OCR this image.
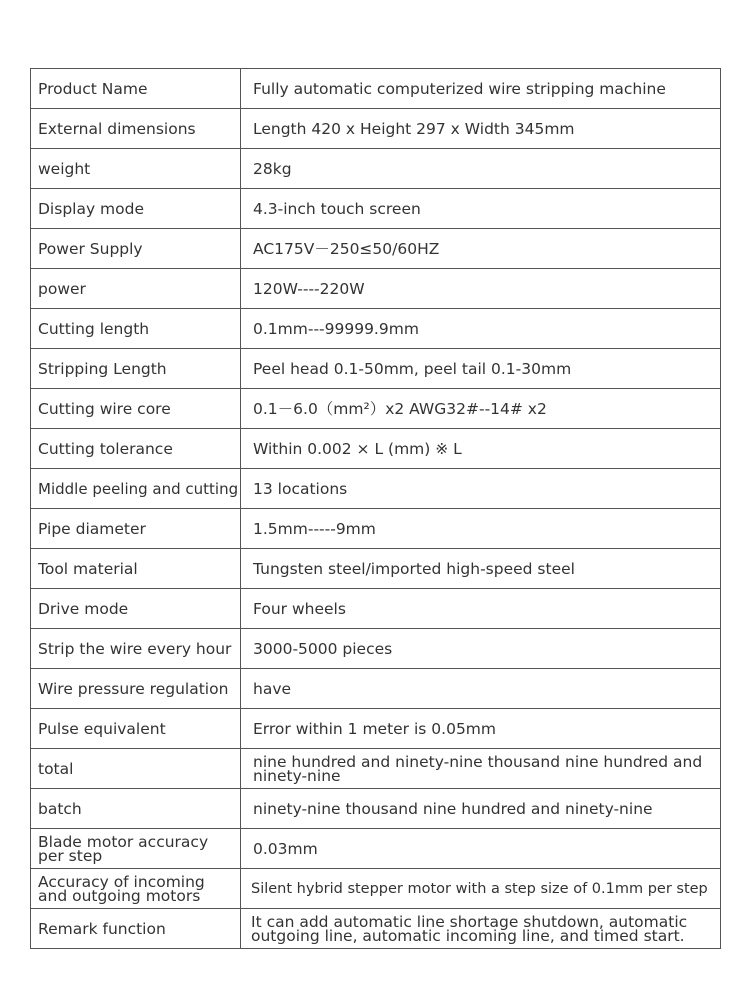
Product Name	Fully automatic computerized wire stripping machine
External dimensions	Length 420 x Height 297 x Width 345mm
weight	28kg
Display mode	4.3-inch touch screen
Power Supply	AC175V－250≤50/60HZ
power	120W----220W
Cutting length	0.1mm---99999.9mm
Stripping Length	Peel head 0.1-50mm, peel tail 0.1-30mm
Cutting wire core	0.1－6.0（mm²）x2 AWG32#--14# x2
Cutting tolerance	Within 0.002 × L (mm) ※ L
Middle peeling and cutting	13 locations
Pipe diameter	1.5mm-----9mm
Tool material	Tungsten steel/imported high-speed steel
Drive mode	Four wheels
Strip the wire every hour	3000-5000 pieces
Wire pressure regulation	have
Pulse equivalent	Error within 1 meter is 0.05mm
total	nine hundred and ninety-nine thousand nine hundred and ninety-nine
batch	ninety-nine thousand nine hundred and ninety-nine
Blade motor accuracy per step	0.03mm
Accuracy of incoming and outgoing motors	Silent hybrid stepper motor with a step size of 0.1mm per step
Remark function	It can add automatic line shortage shutdown, automatic outgoing line, automatic incoming line, and timed start.
